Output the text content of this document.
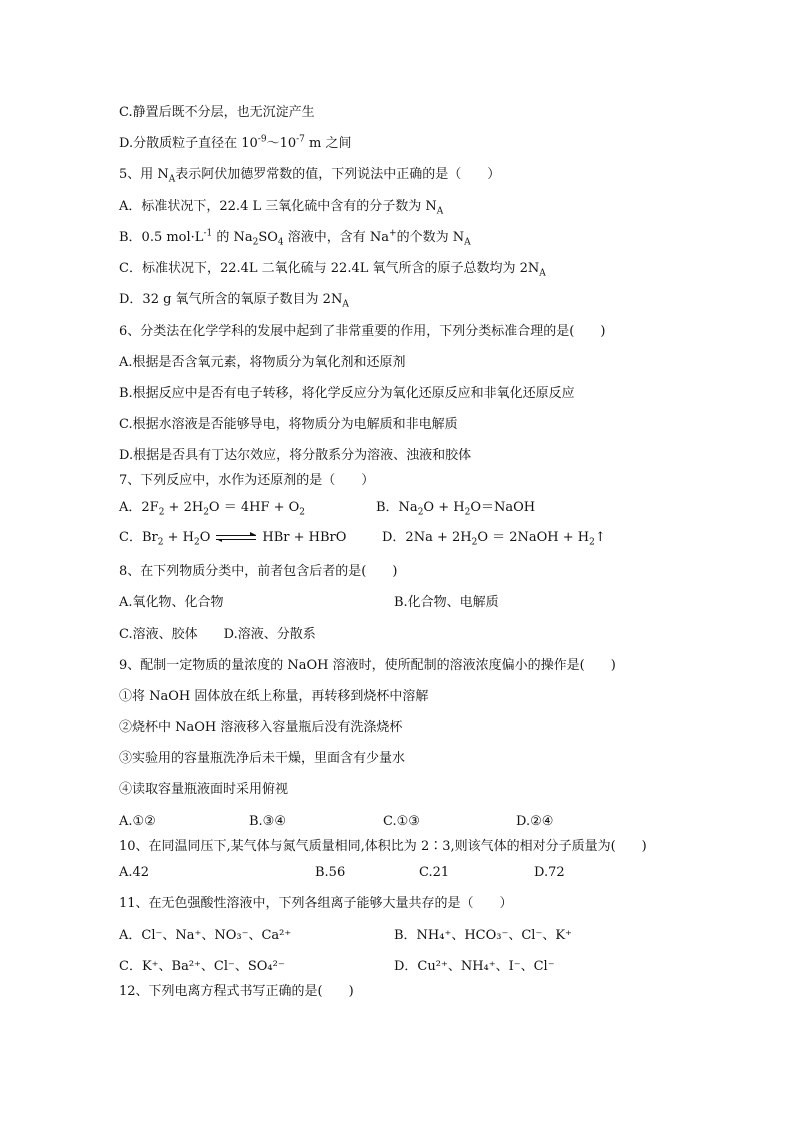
C.静置后既不分层，也无沉淀产生
D.分散质粒子直径在 $10^{-9}\sim 10^{-7}$ m 之间
5、用 $N_A$表示阿伏加德罗常数的值，下列说法中正确的是（　　）
A．标准状况下，22.4 L 三氧化硫中含有的分子数为 $N_A$
B．0.5 $mol\cdot L^{-1}$ 的 $Na_2SO_4$ 溶液中，含有 Na+的个数为 $N_A$
C．标准状况下，22.4L 二氧化硫与 22.4L 氧气所含的原子总数均为 $2N_A$
D．32 g 氧气所含的氧原子数目为 $2N_A$
6、分类法在化学学科的发展中起到了非常重要的作用，下列分类标准合理的是(　　)
A.根据是否含氧元素，将物质分为氧化剂和还原剂
B.根据反应中是否有电子转移，将化学反应分为氧化还原反应和非氧化还原反应
C.根据水溶液是否能够导电，将物质分为电解质和非电解质
D.根据是否具有丁达尔效应，将分散系分为溶液、浊液和胶体
7、下列反应中，水作为还原剂的是（　　）
A．$2F_2 + 2H_2O = 4HF + O_2$	B．$Na_2O$ + $H_2O=NaOH$
C．$Br_2 + H_2O$ ⇌ HBr + HBrO	D．$2Na + 2H_2O$ ＝ 2NaOH + $H_2↑$
8、在下列物质分类中，前者包含后者的是(　　)
A.氧化物、化合物	B.化合物、电解质
C.溶液、胶体　　D.溶液、分散系
9、配制一定物质的量浓度的 NaOH 溶液时，使所配制的溶液浓度偏小的操作是(　　)
①将 NaOH 固体放在纸上称量，再转移到烧杯中溶解
②烧杯中 NaOH 溶液移入容量瓶后没有洗涤烧杯
③实验用的容量瓶洗净后未干燥，里面含有少量水
④读取容量瓶液面时采用俯视
A.①②	B.③④	C.①③	D.②④
10、在同温同压下,某气体与氮气质量相同,体积比为 2∶3,则该气体的相对分子质量为(　　)
A.42	B.56	C.21	D.72
11、在无色强酸性溶液中，下列各组离子能够大量共存的是（　　）
A．Cl⁻、Na⁺、NO₃⁻、Ca²⁺	B．NH₄⁺、HCO₃⁻、Cl⁻、K⁺
C．K⁺、Ba²⁺、Cl⁻、SO₄²⁻	D．Cu²⁺、NH₄⁺、I⁻、Cl⁻
12、下列电离方程式书写正确的是(　　)
